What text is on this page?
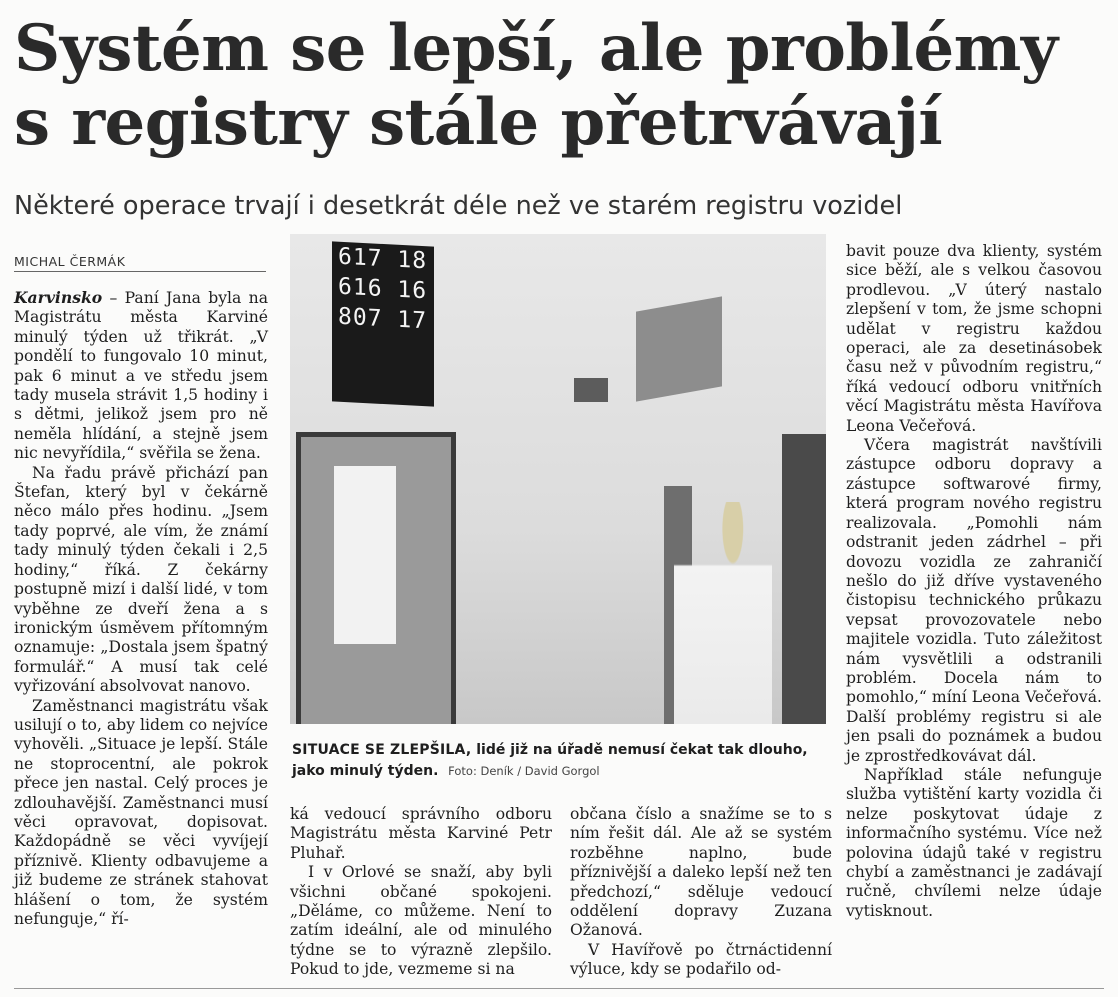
Systém se lepší, ale problémy s registry stále přetrvávají

Některé operace trvají i desetkrát déle než ve starém registru vozidel

MICHAL ČERMÁK

Karvinsko – Paní Jana byla na Magistrátu města Karviné minulý týden už třikrát. „V pondělí to fungovalo 10 minut, pak 6 minut a ve středu jsem tady musela strávit 1,5 hodiny i s dětmi, jelikož jsem pro ně neměla hlídání, a stejně jsem nic nevyřídila,“ svěřila se žena.

Na řadu právě přichází pan Štefan, který byl v čekárně něco málo přes hodinu. „Jsem tady poprvé, ale vím, že známí tady minulý týden čekali i 2,5 hodiny,“ říká. Z čekárny postupně mizí i další lidé, v tom vyběhne ze dveří žena a s ironickým úsměvem přítomným oznamuje: „Dostala jsem špatný formulář.“ A musí tak celé vyřizování absolvovat nanovo.

Zaměstnanci magistrátu však usilují o to, aby lidem co nejvíce vyhověli. „Situace je lepší. Stále ne stoprocentní, ale pokrok přece jen nastal. Celý proces je zdlouhavější. Zaměstnanci musí věci opravovat, dopisovat. Každopádně se věci vyvíjejí příznivě. Klienty odbavujeme a již budeme ze stránek stahovat hlášení o tom, že systém nefunguje,“ ří-

617 18
616 16
807 17
SITUACE SE ZLEPŠILA, lidé již na úřadě nemusí čekat tak dlouho, jako minulý týden. Foto: Deník / David Gorgol

ká vedoucí správního odboru Magistrátu města Karviné Petr Pluhař.

I v Orlové se snaží, aby byli všichni občané spokojeni. „Děláme, co můžeme. Není to zatím ideální, ale od minulého týdne se to výrazně zlepšilo. Pokud to jde, vezmeme si na

občana číslo a snažíme se to s ním řešit dál. Ale až se systém rozběhne naplno, bude příznivější a daleko lepší než ten předchozí,“ sděluje vedoucí oddělení dopravy Zuzana Ožanová.

V Havířově po čtrnáctidenní výluce, kdy se podařilo od-

bavit pouze dva klienty, systém sice běží, ale s velkou časovou prodlevou. „V úterý nastalo zlepšení v tom, že jsme schopni udělat v registru každou operaci, ale za desetinásobek času než v původním registru,“ říká vedoucí odboru vnitřních věcí Magistrátu města Havířova Leona Večeřová.

Včera magistrát navštívili zástupce odboru dopravy a zástupce softwarové firmy, která program nového registru realizovala. „Pomohli nám odstranit jeden zádrhel – při dovozu vozidla ze zahraničí nešlo do již dříve vystaveného čistopisu technického průkazu vepsat provozovatele nebo majitele vozidla. Tuto záležitost nám vysvětlili a odstranili problém. Docela nám to pomohlo,“ míní Leona Večeřová. Další problémy registru si ale jen psali do poznámek a budou je zprostředkovávat dál.

Například stále nefunguje služba vytištění karty vozidla či nelze poskytovat údaje z informačního systému. Více než polovina údajů také v registru chybí a zaměstnanci je zadávají ručně, chvílemi nelze údaje vytisknout.
